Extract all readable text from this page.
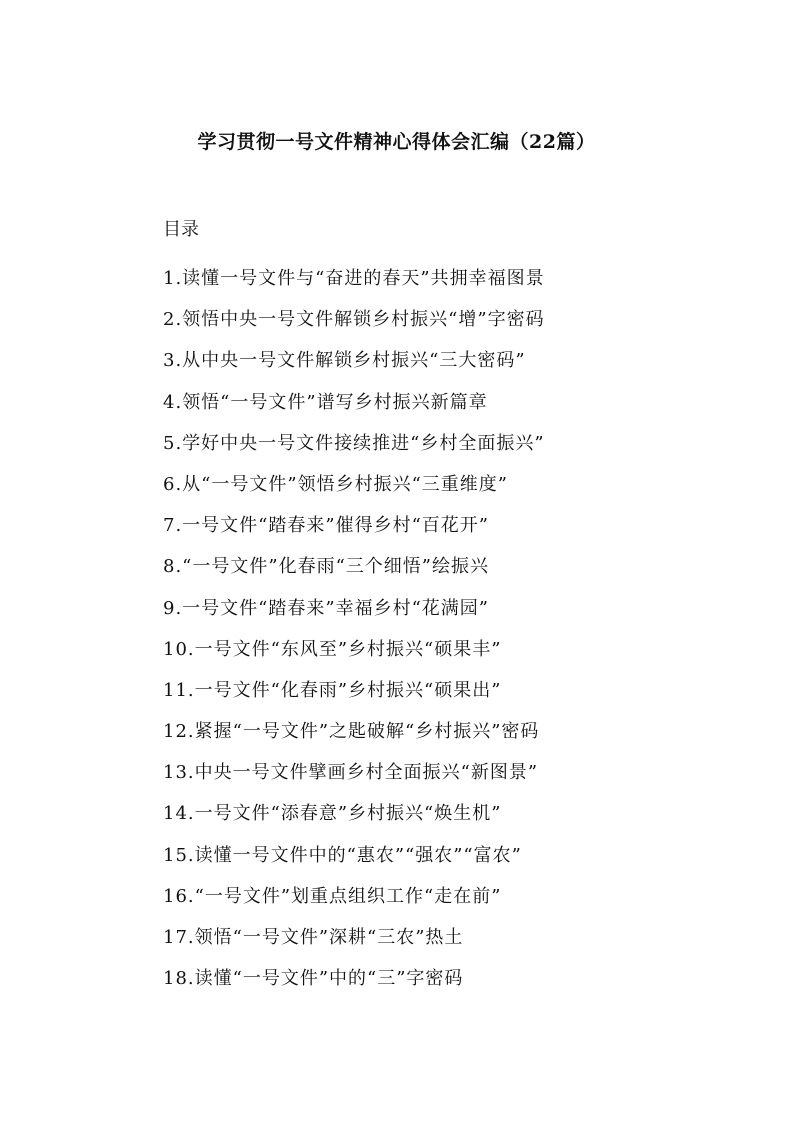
学习贯彻一号文件精神心得体会汇编（22篇）
目录
1.读懂一号文件与“奋进的春天”共拥幸福图景
2.领悟中央一号文件解锁乡村振兴“增”字密码
3.从中央一号文件解锁乡村振兴“三大密码”
4.领悟“一号文件”谱写乡村振兴新篇章
5.学好中央一号文件接续推进“乡村全面振兴”
6.从“一号文件”领悟乡村振兴“三重维度”
7.一号文件“踏春来”催得乡村“百花开”
8.“一号文件”化春雨“三个细悟”绘振兴
9.一号文件“踏春来”幸福乡村“花满园”
10.一号文件“东风至”乡村振兴“硕果丰”
11.一号文件“化春雨”乡村振兴“硕果出”
12.紧握“一号文件”之匙破解“乡村振兴”密码
13.中央一号文件擘画乡村全面振兴“新图景”
14.一号文件“添春意”乡村振兴“焕生机”
15.读懂一号文件中的“惠农”“强农”“富农”
16.“一号文件”划重点组织工作“走在前”
17.领悟“一号文件”深耕“三农”热土
18.读懂“一号文件”中的“三”字密码
